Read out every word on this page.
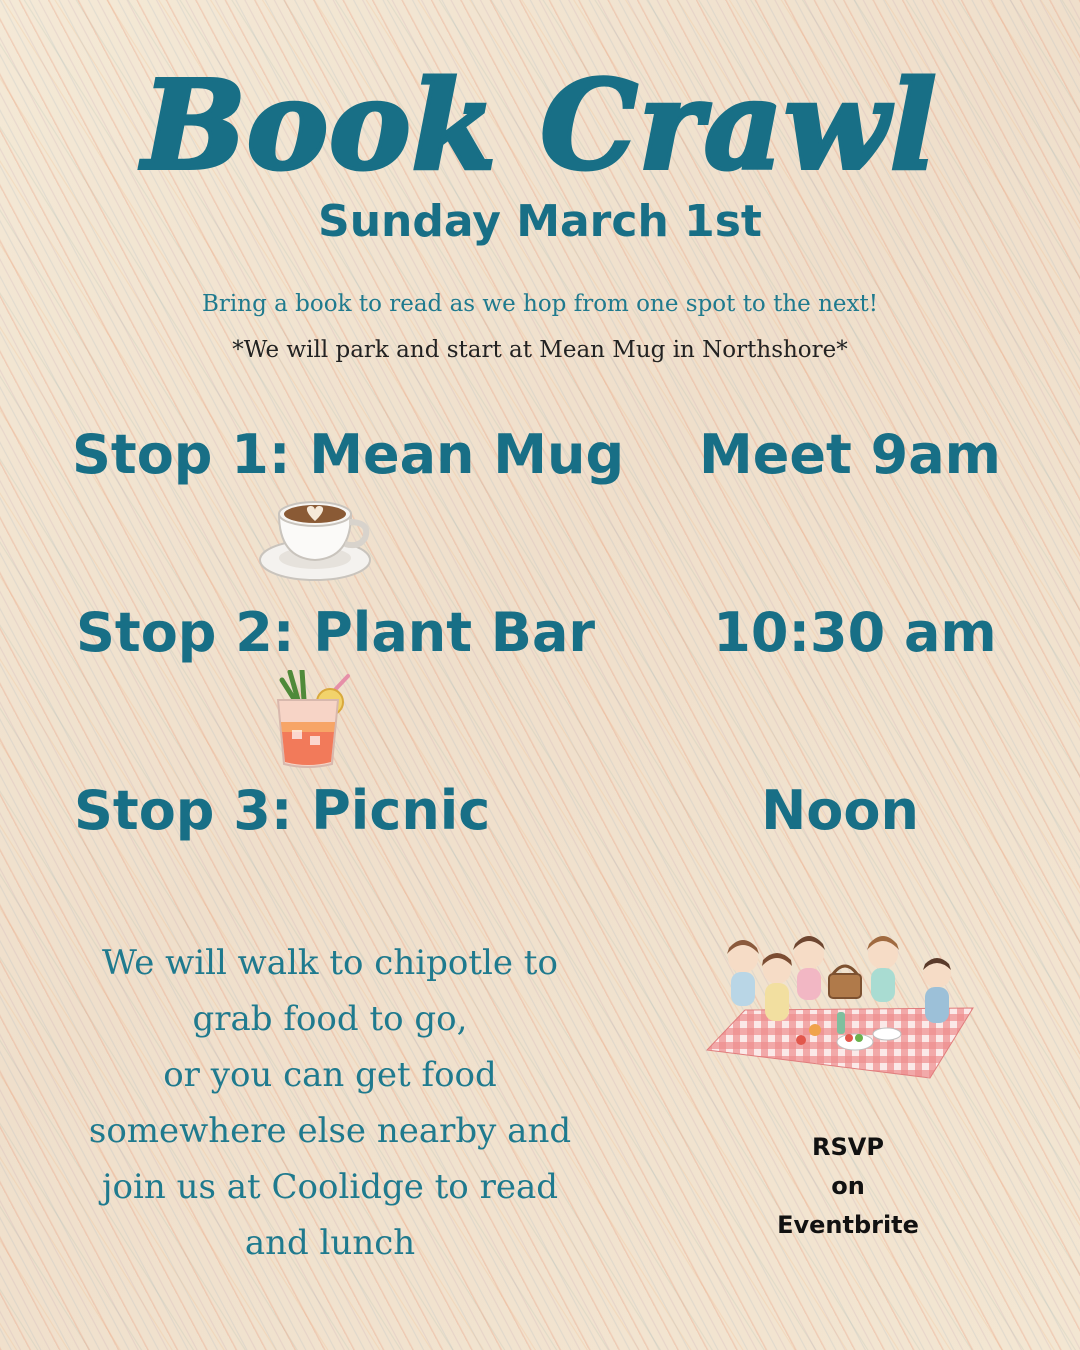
Book Crawl
Sunday March 1st
Bring a book to read as we hop from one spot to the next!
*We will park and start at Mean Mug in Northshore*
Stop 1: Mean Mug Meet 9am
Stop 2: Plant Bar	10:30 am
Stop 3: Picnic	Noon
We will walk to chipotle to
grab food to go,
or you can get food
somewhere else nearby and
join us at Coolidge to read
and lunch
RSVP
on
Eventbrite
